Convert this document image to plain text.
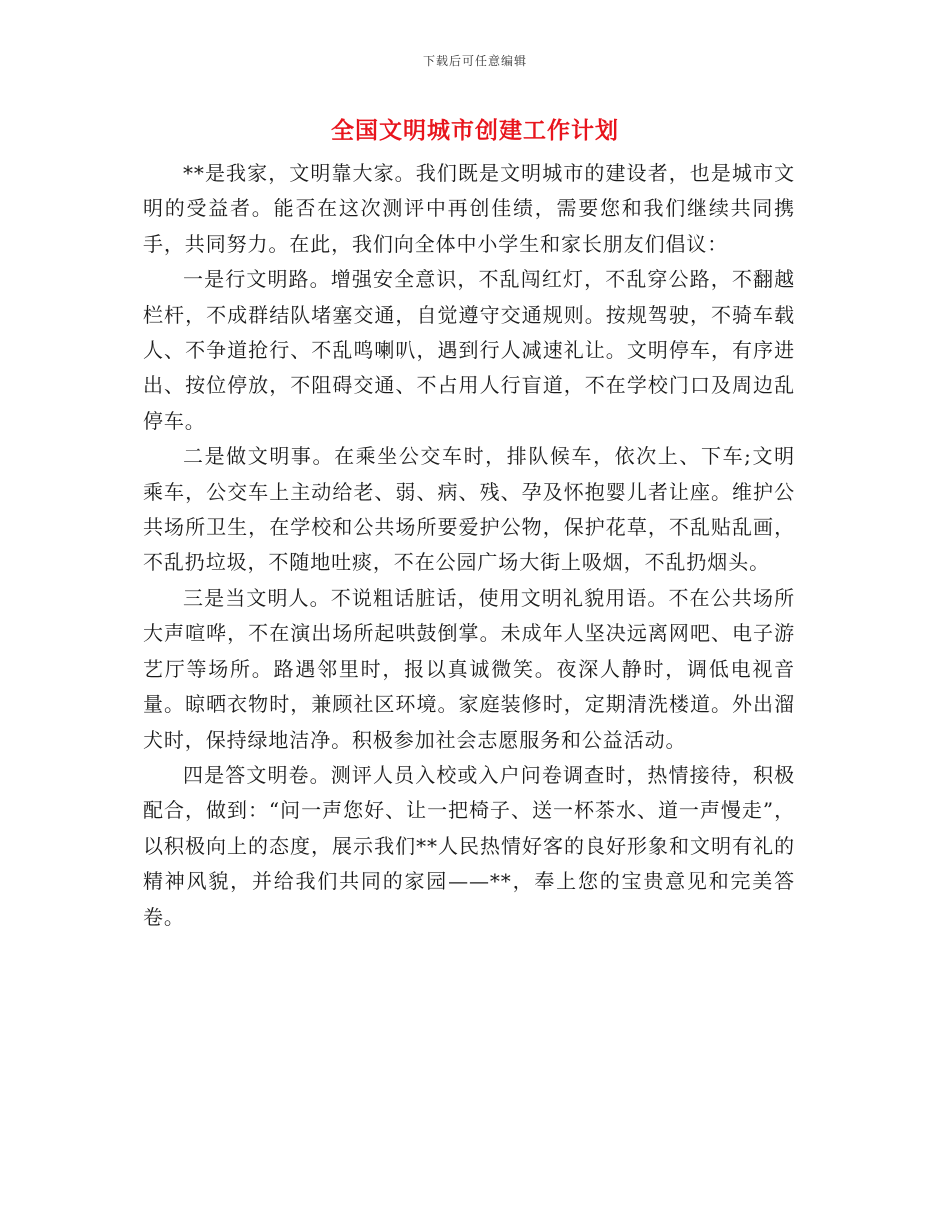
下载后可任意编辑
全国文明城市创建工作计划

**是我家，文明靠大家。我们既是文明城市的建设者，也是城市文明的受益者。能否在这次测评中再创佳绩，需要您和我们继续共同携手，共同努力。在此，我们向全体中小学生和家长朋友们倡议：

一是行文明路。增强安全意识，不乱闯红灯，不乱穿公路，不翻越栏杆，不成群结队堵塞交通，自觉遵守交通规则。按规驾驶，不骑车载人、不争道抢行、不乱鸣喇叭，遇到行人减速礼让。文明停车，有序进出、按位停放，不阻碍交通、不占用人行盲道，不在学校门口及周边乱停车。

二是做文明事。在乘坐公交车时，排队候车，依次上、下车;文明乘车，公交车上主动给老、弱、病、残、孕及怀抱婴儿者让座。维护公共场所卫生，在学校和公共场所要爱护公物，保护花草，不乱贴乱画，不乱扔垃圾，不随地吐痰，不在公园广场大街上吸烟，不乱扔烟头。

三是当文明人。不说粗话脏话，使用文明礼貌用语。不在公共场所大声喧哗，不在演出场所起哄鼓倒掌。未成年人坚决远离网吧、电子游艺厅等场所。路遇邻里时，报以真诚微笑。夜深人静时，调低电视音量。晾晒衣物时，兼顾社区环境。家庭装修时，定期清洗楼道。外出溜犬时，保持绿地洁净。积极参加社会志愿服务和公益活动。

四是答文明卷。测评人员入校或入户问卷调查时，热情接待，积极配合，做到：“问一声您好、让一把椅子、送一杯茶水、道一声慢走”，以积极向上的态度，展示我们**人民热情好客的良好形象和文明有礼的精神风貌，并给我们共同的家园——**，奉上您的宝贵意见和完美答卷。
